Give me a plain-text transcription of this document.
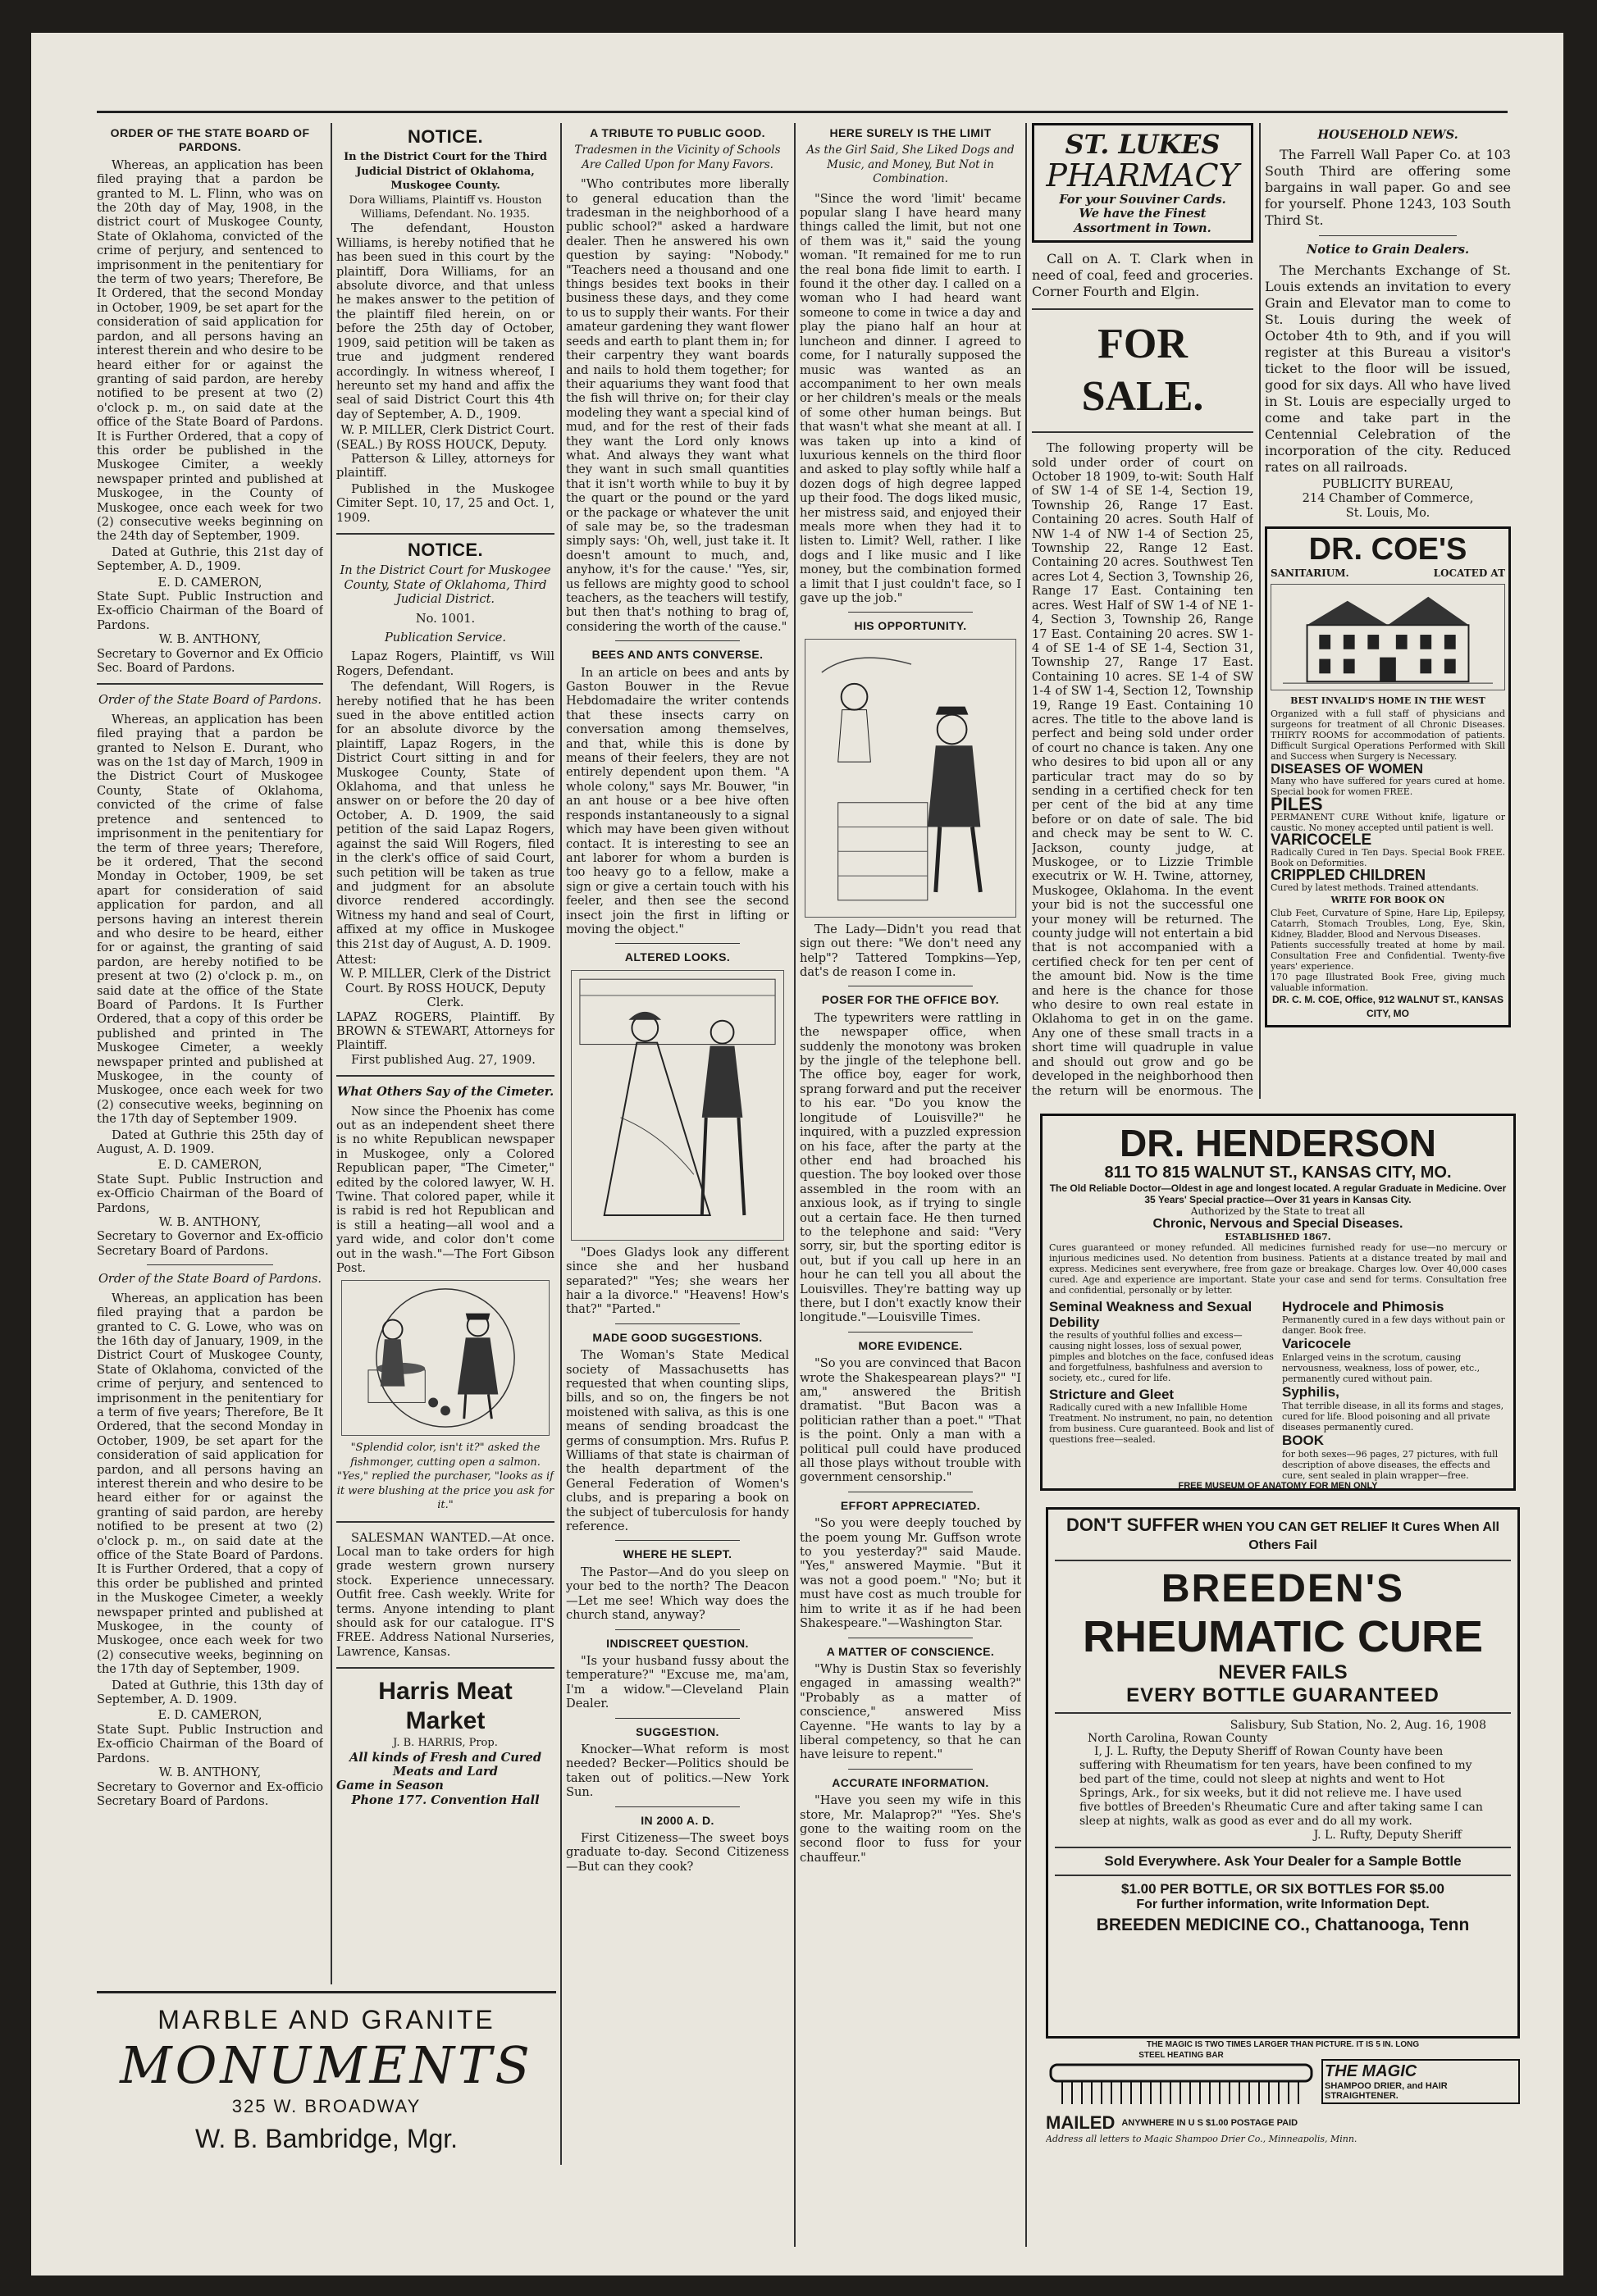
ORDER OF THE STATE BOARD OF PARDONS.
Whereas, an application has been filed praying that a pardon be granted to M. L. Flinn, who was on the 20th day of May, 1908, in the district court of Muskogee County, State of Oklahoma, convicted of the crime of perjury, and sentenced to imprisonment in the penitentiary for the term of two years; Therefore, Be It Ordered, that the second Monday in October, 1909, be set apart for the consideration of said application for pardon, and all persons having an interest therein and who desire to be heard either for or against the granting of said pardon, are hereby notified to be present at two (2) o'clock p. m., on said date at the office of the State Board of Pardons. It is Further Ordered, that a copy of this order be published in the Muskogee Cimiter, a weekly newspaper printed and published at Muskogee, in the County of Muskogee, once each week for two (2) consecutive weeks beginning on the 24th day of September, 1909.
Dated at Guthrie, this 21st day of September, A. D., 1909.
E. D. CAMERON,
State Supt. Public Instruction and Ex-officio Chairman of the Board of Pardons.
W. B. ANTHONY,
Secretary to Governor and Ex Officio Sec. Board of Pardons.
Order of the State Board of Pardons.
Whereas, an application has been filed praying that a pardon be granted to Nelson E. Durant, who was on the 1st day of March, 1909 in the District Court of Muskogee County, State of Oklahoma, convicted of the crime of false pretence and sentenced to imprisonment in the penitentiary for the term of three years; Therefore, be it ordered, That the second Monday in October, 1909, be set apart for consideration of said application for pardon, and all persons having an interest therein and who desire to be heard, either for or against, the granting of said pardon, are hereby notified to be present at two (2) o'clock p. m., on said date at the office of the State Board of Pardons. It Is Further Ordered, that a copy of this order be published and printed in The Muskogee Cimeter, a weekly newspaper printed and published at Muskogee, in the county of Muskogee, once each week for two (2) consecutive weeks, beginning on the 17th day of September 1909.
Dated at Guthrie this 25th day of August, A. D. 1909.
E. D. CAMERON,
State Supt. Public Instruction and ex-Officio Chairman of the Board of Pardons,
W. B. ANTHONY,
Secretary to Governor and Ex-officio Secretary Board of Pardons.
Order of the State Board of Pardons.
Whereas, an application has been filed praying that a pardon be granted to C. G. Lowe, who was on the 16th day of January, 1909, in the District Court of Muskogee County, State of Oklahoma, convicted of the crime of perjury, and sentenced to imprisonment in the penitentiary for a term of five years; Therefore, Be It Ordered, that the second Monday in October, 1909, be set apart for the consideration of said application for pardon, and all persons having an interest therein and who desire to be heard either for or against the granting of said pardon, are hereby notified to be present at two (2) o'clock p. m., on said date at the office of the State Board of Pardons. It is Further Ordered, that a copy of this order be published and printed in the Muskogee Cimeter, a weekly newspaper printed and published at Muskogee, in the county of Muskogee, once each week for two (2) consecutive weeks, beginning on the 17th day of September, 1909.
Dated at Guthrie, this 13th day of September, A. D. 1909.
E. D. CAMERON,
State Supt. Public Instruction and Ex-officio Chairman of the Board of Pardons.
W. B. ANTHONY,
Secretary to Governor and Ex-officio Secretary Board of Pardons.
MARBLE AND GRANITE
MONUMENTS
325 W. BROADWAY
W. B. Bambridge, Mgr.
NOTICE.
In the District Court for the Third Judicial District of Oklahoma, Muskogee County.
Dora Williams, Plaintiff vs. Houston Williams, Defendant. No. 1935.
The defendant, Houston Williams, is hereby notified that he has been sued in this court by the plaintiff, Dora Williams, for an absolute divorce, and that unless he makes answer to the petition of the plaintiff filed herein, on or before the 25th day of October, 1909, said petition will be taken as true and judgment rendered accordingly. In witness whereof, I hereunto set my hand and affix the seal of said District Court this 4th day of September, A. D., 1909.
W. P. MILLER, Clerk District Court.
(SEAL.) By ROSS HOUCK, Deputy.
Patterson & Lilley, attorneys for plaintiff.
Published in the Muskogee Cimiter Sept. 10, 17, 25 and Oct. 1, 1909.
NOTICE.
In the District Court for Muskogee County, State of Oklahoma, Third Judicial District.
No. 1001.
Publication Service.
Lapaz Rogers, Plaintiff, vs Will Rogers, Defendant.
The defendant, Will Rogers, is hereby notified that he has been sued in the above entitled action for an absolute divorce by the plaintiff, Lapaz Rogers, in the District Court sitting in and for Muskogee County, State of Oklahoma, and that unless he answer on or before the 20 day of October, A. D. 1909, the said petition of the said Lapaz Rogers, against the said Will Rogers, filed in the clerk's office of said Court, such petition will be taken as true and judgment for an absolute divorce rendered accordingly. Witness my hand and seal of Court, affixed at my office in Muskogee this 21st day of August, A. D. 1909.
Attest:
W. P. MILLER, Clerk of the District Court. By ROSS HOUCK, Deputy Clerk.
LAPAZ ROGERS, Plaintiff. By BROWN & STEWART, Attorneys for Plaintiff.
First published Aug. 27, 1909.
What Others Say of the Cimeter.
Now since the Phoenix has come out as an independent sheet there is no white Republican newspaper in Muskogee, only a Colored Republican paper, "The Cimeter," edited by the colored lawyer, W. H. Twine. That colored paper, while it is rabid is red hot Republican and is still a heating—all wool and a yard wide, and color don't come out in the wash."—The Fort Gibson Post.
"Splendid color, isn't it?" asked the fishmonger, cutting open a salmon. "Yes," replied the purchaser, "looks as if it were blushing at the price you ask for it."
SALESMAN WANTED.—At once. Local man to take orders for high grade western grown nursery stock. Experience unnecessary. Outfit free. Cash weekly. Write for terms. Anyone intending to plant should ask for our catalogue. IT'S FREE. Address National Nurseries, Lawrence, Kansas.
Harris Meat Market
J. B. HARRIS, Prop.
All kinds of Fresh and Cured Meats and Lard
Game in Season
Phone 177. Convention Hall
A TRIBUTE TO PUBLIC GOOD.
Tradesmen in the Vicinity of Schools Are Called Upon for Many Favors.
"Who contributes more liberally to general education than the tradesman in the neighborhood of a public school?" asked a hardware dealer. Then he answered his own question by saying: "Nobody." "Teachers need a thousand and one things besides text books in their business these days, and they come to us to supply their wants. For their amateur gardening they want flower seeds and earth to plant them in; for their carpentry they want boards and nails to hold them together; for their aquariums they want food that the fish will thrive on; for their clay modeling they want a special kind of mud, and for the rest of their fads they want the Lord only knows what. And always they want what they want in such small quantities that it isn't worth while to buy it by the quart or the pound or the yard or the package or whatever the unit of sale may be, so the tradesman simply says: 'Oh, well, just take it. It doesn't amount to much, and, anyhow, it's for the cause.' "Yes, sir, us fellows are mighty good to school teachers, as the teachers will testify, but then that's nothing to brag of, considering the worth of the cause."
BEES AND ANTS CONVERSE.
In an article on bees and ants by Gaston Bouwer in the Revue Hebdomadaire the writer contends that these insects carry on conversation among themselves, and that, while this is done by means of their feelers, they are not entirely dependent upon them. "A whole colony," says Mr. Bouwer, "in an ant house or a bee hive often responds instantaneously to a signal which may have been given without contact. It is interesting to see an ant laborer for whom a burden is too heavy go to a fellow, make a sign or give a certain touch with his feeler, and then see the second insect join the first in lifting or moving the object."
ALTERED LOOKS.
"Does Gladys look any different since she and her husband separated?" "Yes; she wears her hair a la divorce." "Heavens! How's that?" "Parted."
MADE GOOD SUGGESTIONS.
The Woman's State Medical society of Massachusetts has requested that when counting slips, bills, and so on, the fingers be not moistened with saliva, as this is one means of sending broadcast the germs of consumption. Mrs. Rufus P. Williams of that state is chairman of the health department of the General Federation of Women's clubs, and is preparing a book on the subject of tuberculosis for handy reference.
WHERE HE SLEPT.
The Pastor—And do you sleep on your bed to the north? The Deacon—Let me see! Which way does the church stand, anyway?
INDISCREET QUESTION.
"Is your husband fussy about the temperature?" "Excuse me, ma'am, I'm a widow."—Cleveland Plain Dealer.
SUGGESTION.
Knocker—What reform is most needed? Becker—Politics should be taken out of politics.—New York Sun.
IN 2000 A. D.
First Citizeness—The sweet boys graduate to-day. Second Citizeness—But can they cook?
HERE SURELY IS THE LIMIT
As the Girl Said, She Liked Dogs and Music, and Money, But Not in Combination.
"Since the word 'limit' became popular slang I have heard many things called the limit, but not one of them was it," said the young woman. "It remained for me to run the real bona fide limit to earth. I found it the other day. I called on a woman who I had heard want someone to come in twice a day and play the piano half an hour at luncheon and dinner. I agreed to come, for I naturally supposed the music was wanted as an accompaniment to her own meals or her children's meals or the meals of some other human beings. But that wasn't what she meant at all. I was taken up into a kind of luxurious kennels on the third floor and asked to play softly while half a dozen dogs of high degree lapped up their food. The dogs liked music, her mistress said, and enjoyed their meals more when they had it to listen to. Limit? Well, rather. I like dogs and I like music and I like money, but the combination formed a limit that I just couldn't face, so I gave up the job."
HIS OPPORTUNITY.
The Lady—Didn't you read that sign out there: "We don't need any help"? Tattered Tompkins—Yep, dat's de reason I come in.
POSER FOR THE OFFICE BOY.
The typewriters were rattling in the newspaper office, when suddenly the monotony was broken by the jingle of the telephone bell. The office boy, eager for work, sprang forward and put the receiver to his ear. "Do you know the longitude of Louisville?" he inquired, with a puzzled expression on his face, after the party at the other end had broached his question. The boy looked over those assembled in the room with an anxious look, as if trying to single out a certain face. He then turned to the telephone and said: "Very sorry, sir, but the sporting editor is out, but if you call up here in an hour he can tell you all about the Louisvilles. They're batting way up there, but I don't exactly know their longitude."—Louisville Times.
MORE EVIDENCE.
"So you are convinced that Bacon wrote the Shakespearean plays?" "I am," answered the British dramatist. "But Bacon was a politician rather than a poet." "That is the point. Only a man with a political pull could have produced all those plays without trouble with government censorship."
EFFORT APPRECIATED.
"So you were deeply touched by the poem young Mr. Guffson wrote to you yesterday?" said Maude. "Yes," answered Maymie. "But it was not a good poem." "No; but it must have cost as much trouble for him to write it as if he had been Shakespeare."—Washington Star.
A MATTER OF CONSCIENCE.
"Why is Dustin Stax so feverishly engaged in amassing wealth?" "Probably as a matter of conscience," answered Miss Cayenne. "He wants to lay by a liberal competency, so that he can have leisure to repent."
ACCURATE INFORMATION.
"Have you seen my wife in this store, Mr. Malaprop?" "Yes. She's gone to the waiting room on the second floor to fuss for your chauffeur."
ST. LUKES
PHARMACY
For your Souviner Cards.
We have the Finest Assortment in Town.
Call on A. T. Clark when in need of coal, feed and groceries. Corner Fourth and Elgin.
FOR SALE.
The following property will be sold under order of court on October 18 1909, to-wit: South Half of SW 1-4 of SE 1-4, Section 19, Township 26, Range 17 East. Containing 20 acres. South Half of NW 1-4 of NW 1-4 of Section 25, Township 22, Range 12 East. Containing 20 acres. Southwest Ten acres Lot 4, Section 3, Township 26, Range 17 East. Containing ten acres. West Half of SW 1-4 of NE 1-4, Section 3, Township 26, Range 17 East. Containing 20 acres. SW 1-4 of SE 1-4 of SE 1-4, Section 31, Township 27, Range 17 East. Containing 10 acres. SE 1-4 of SW 1-4 of SW 1-4, Section 12, Township 19, Range 19 East. Containing 10 acres. The title to the above land is perfect and being sold under order of court no chance is taken. Any one who desires to bid upon all or any particular tract may do so by sending in a certified check for ten per cent of the bid at any time before or on date of sale. The bid and check may be sent to W. C. Jackson, county judge, at Muskogee, or to Lizzie Trimble executrix or W. H. Twine, attorney, Muskogee, Oklahoma. In the event your bid is not the successful one your money will be returned. The county judge will not entertain a bid that is not accompanied with a certified check for ten per cent of the amount bid. Now is the time and here is the chance for those who desire to own real estate in Oklahoma to get in on the game. Any one of these small tracts in a short time will quadruple in value and should out grow and go be developed in the neighborhood then the return will be enormous. The
HOUSEHOLD NEWS.
The Farrell Wall Paper Co. at 103 South Third are offering some bargains in wall paper. Go and see for yourself. Phone 1243, 103 South Third St.
Notice to Grain Dealers.
The Merchants Exchange of St. Louis extends an invitation to every Grain and Elevator man to come to St. Louis during the week of October 4th to 9th, and if you will register at this Bureau a visitor's ticket to the floor will be issued, good for six days. All who have lived in St. Louis are especially urged to come and take part in the Centennial Celebration of the incorporation of the city. Reduced rates on all railroads.
PUBLICITY BUREAU,
214 Chamber of Commerce,
St. Louis, Mo.
DR. COE'S
SANITARIUM.	LOCATED AT
BEST INVALID'S HOME IN THE WEST
Organized with a full staff of physicians and surgeons for treatment of all Chronic Diseases. THIRTY ROOMS for accommodation of patients. Difficult Surgical Operations Performed with Skill and Success when Surgery is Necessary.
DISEASES OF WOMEN
Many who have suffered for years cured at home. Special book for women FREE.
PILES
PERMANENT CURE Without knife, ligature or caustic. No money accepted until patient is well.
VARICOCELE
Radically Cured in Ten Days. Special Book FREE. Book on Deformities.
CRIPPLED CHILDREN
Cured by latest methods. Trained attendants.
WRITE FOR BOOK ON
Club Feet, Curvature of Spine, Hare Lip, Epilepsy, Catarrh, Stomach Troubles, Long, Eye, Skin, Kidney, Bladder, Blood and Nervous Diseases.
Patients successfully treated at home by mail. Consultation Free and Confidential. Twenty-five years' experience.
170 page Illustrated Book Free, giving much valuable information.
DR. C. M. COE, Office, 912 WALNUT ST., KANSAS CITY, MO
DR. HENDERSON
811 TO 815 WALNUT ST., KANSAS CITY, MO.
The Old Reliable Doctor—Oldest in age and longest located. A regular Graduate in Medicine. Over 35 Years' Special practice—Over 31 years in Kansas City.
Authorized by the State to treat all
Chronic, Nervous and Special Diseases.
ESTABLISHED 1867.
Cures guaranteed or money refunded. All medicines furnished ready for use—no mercury or injurious medicines used. No detention from business. Patients at a distance treated by mail and express. Medicines sent everywhere, free from gaze or breakage. Charges low. Over 40,000 cases cured. Age and experience are important. State your case and send for terms. Consultation free and confidential, personally or by letter.
Seminal Weakness and Sexual Debility
the results of youthful follies and excess—causing night losses, loss of sexual power, pimples and blotches on the face, confused ideas and forgetfulness, bashfulness and aversion to society, etc., cured for life.
Stricture and Gleet
Radically cured with a new Infallible Home Treatment. No instrument, no pain, no detention from business. Cure guaranteed. Book and list of questions free—sealed.
Hydrocele and Phimosis
Permanently cured in a few days without pain or danger. Book free.
Varicocele
Enlarged veins in the scrotum, causing nervousness, weakness, loss of power, etc., permanently cured without pain.
Syphilis,
That terrible disease, in all its forms and stages, cured for life. Blood poisoning and all private diseases permanently cured.
BOOK
for both sexes—96 pages, 27 pictures, with full description of above diseases, the effects and cure, sent sealed in plain wrapper—free.
FREE MUSEUM OF ANATOMY FOR MEN ONLY
DON'T SUFFER WHEN YOU CAN GET RELIEF It Cures When All Others Fail
BREEDEN'S
RHEUMATIC CURE
NEVER FAILS
EVERY BOTTLE GUARANTEED
Salisbury, Sub Station, No. 2, Aug. 16, 1908
North Carolina, Rowan County
I, J. L. Rufty, the Deputy Sheriff of Rowan County have been suffering with Rheumatism for ten years, have been confined to my bed part of the time, could not sleep at nights and went to Hot Springs, Ark., for six weeks, but it did not relieve me. I have used five bottles of Breeden's Rheumatic Cure and after taking same I can sleep at nights, walk as good as ever and do all my work.
J. L. Rufty, Deputy Sheriff
Sold Everywhere. Ask Your Dealer for a Sample Bottle
$1.00 PER BOTTLE, OR SIX BOTTLES FOR $5.00
For further information, write Information Dept.
BREEDEN MEDICINE CO., Chattanooga, Tenn
THE MAGIC IS TWO TIMES LARGER THAN PICTURE. IT IS 5 IN. LONG
STEEL HEATING BAR
THE MAGIC
SHAMPOO DRIER, and HAIR STRAIGHTENER.
MAILED ANYWHERE IN U S $1.00 POSTAGE PAID
Address all letters to Magic Shampoo Drier Co., Minneapolis, Minn.
